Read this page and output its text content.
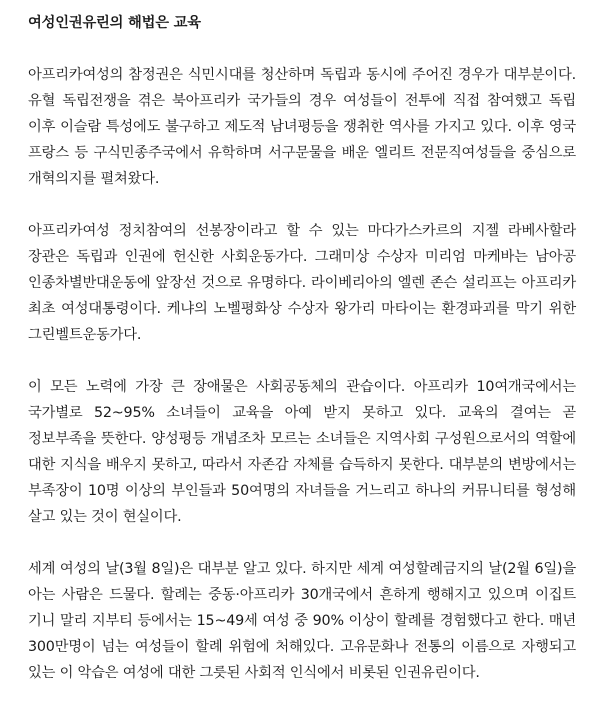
여성인권유린의 해법은 교육

아프리카여성의 참정권은 식민시대를 청산하며 독립과 동시에 주어진 경우가 대부분이다. 유혈 독립전쟁을 겪은 북아프리카 국가들의 경우 여성들이 전투에 직접 참여했고 독립 이후 이슬람 특성에도 불구하고 제도적 남녀평등을 쟁취한 역사를 가지고 있다. 이후 영국 프랑스 등 구식민종주국에서 유학하며 서구문물을 배운 엘리트 전문직여성들을 중심으로 개혁의지를 펼쳐왔다.

아프리카여성 정치참여의 선봉장이라고 할 수 있는 마다가스카르의 지젤 라베사할라 장관은 독립과 인권에 헌신한 사회운동가다. 그래미상 수상자 미리엄 마케바는 남아공 인종차별반대운동에 앞장선 것으로 유명하다. 라이베리아의 엘렌 존슨 설리프는 아프리카 최초 여성대통령이다. 케냐의 노벨평화상 수상자 왕가리 마타이는 환경파괴를 막기 위한 그린벨트운동가다.

이 모든 노력에 가장 큰 장애물은 사회공동체의 관습이다. 아프리카 10여개국에서는 국가별로 52~95% 소녀들이 교육을 아예 받지 못하고 있다. 교육의 결여는 곧 정보부족을 뜻한다. 양성평등 개념조차 모르는 소녀들은 지역사회 구성원으로서의 역할에 대한 지식을 배우지 못하고, 따라서 자존감 자체를 습득하지 못한다. 대부분의 변방에서는 부족장이 10명 이상의 부인들과 50여명의 자녀들을 거느리고 하나의 커뮤니티를 형성해 살고 있는 것이 현실이다.

세계 여성의 날(3월 8일)은 대부분 알고 있다. 하지만 세계 여성할례금지의 날(2월 6일)을 아는 사람은 드물다. 할례는 중동·아프리카 30개국에서 흔하게 행해지고 있으며 이집트 기니 말리 지부티 등에서는 15~49세 여성 중 90% 이상이 할례를 경험했다고 한다. 매년 300만명이 넘는 여성들이 할례 위험에 처해있다. 고유문화나 전통의 이름으로 자행되고 있는 이 악습은 여성에 대한 그릇된 사회적 인식에서 비롯된 인권유린이다.
